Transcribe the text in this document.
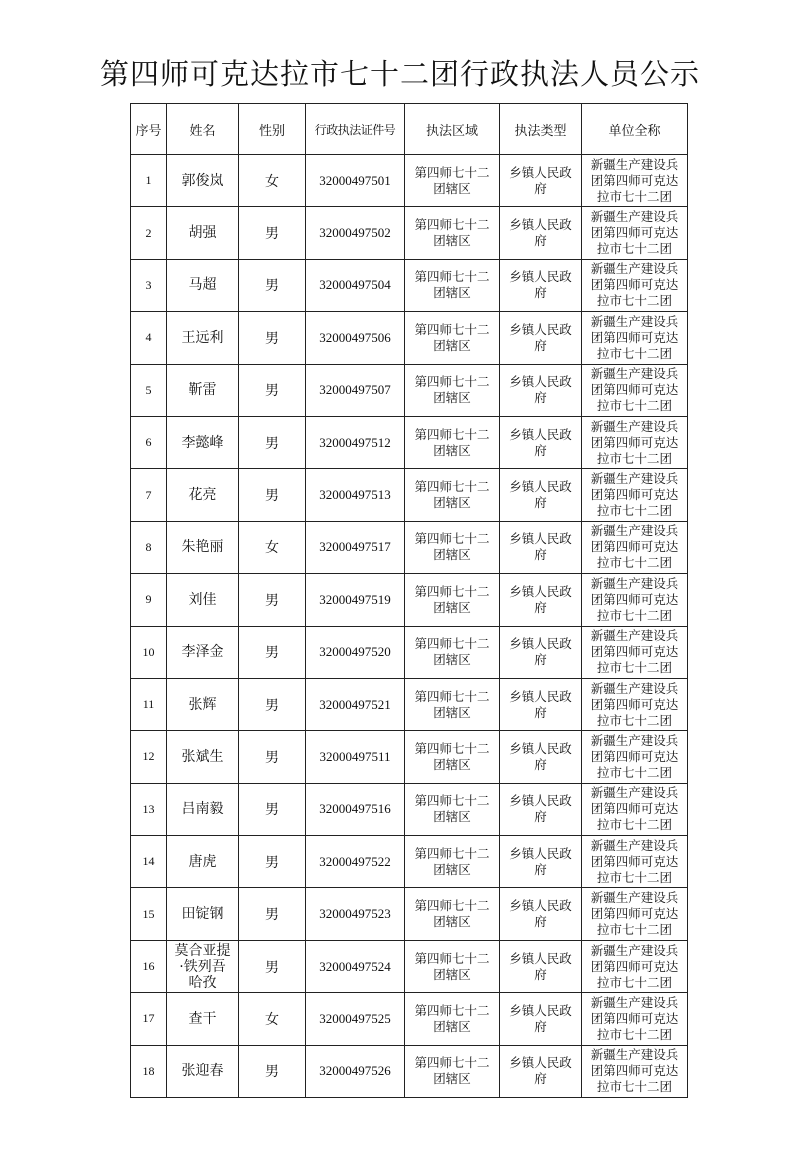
第四师可克达拉市七十二团行政执法人员公示
序号	姓名	性别	行政执法证件号	执法区域	执法类型	单位全称
1	郭俊岚	女	32000497501	第四师七十二团辖区	乡镇人民政府	新疆生产建设兵团第四师可克达拉市七十二团
2	胡强	男	32000497502	第四师七十二团辖区	乡镇人民政府	新疆生产建设兵团第四师可克达拉市七十二团
3	马超	男	32000497504	第四师七十二团辖区	乡镇人民政府	新疆生产建设兵团第四师可克达拉市七十二团
4	王远利	男	32000497506	第四师七十二团辖区	乡镇人民政府	新疆生产建设兵团第四师可克达拉市七十二团
5	靳雷	男	32000497507	第四师七十二团辖区	乡镇人民政府	新疆生产建设兵团第四师可克达拉市七十二团
6	李懿峰	男	32000497512	第四师七十二团辖区	乡镇人民政府	新疆生产建设兵团第四师可克达拉市七十二团
7	花亮	男	32000497513	第四师七十二团辖区	乡镇人民政府	新疆生产建设兵团第四师可克达拉市七十二团
8	朱艳丽	女	32000497517	第四师七十二团辖区	乡镇人民政府	新疆生产建设兵团第四师可克达拉市七十二团
9	刘佳	男	32000497519	第四师七十二团辖区	乡镇人民政府	新疆生产建设兵团第四师可克达拉市七十二团
10	李泽金	男	32000497520	第四师七十二团辖区	乡镇人民政府	新疆生产建设兵团第四师可克达拉市七十二团
11	张辉	男	32000497521	第四师七十二团辖区	乡镇人民政府	新疆生产建设兵团第四师可克达拉市七十二团
12	张斌生	男	32000497511	第四师七十二团辖区	乡镇人民政府	新疆生产建设兵团第四师可克达拉市七十二团
13	吕南毅	男	32000497516	第四师七十二团辖区	乡镇人民政府	新疆生产建设兵团第四师可克达拉市七十二团
14	唐虎	男	32000497522	第四师七十二团辖区	乡镇人民政府	新疆生产建设兵团第四师可克达拉市七十二团
15	田锭钢	男	32000497523	第四师七十二团辖区	乡镇人民政府	新疆生产建设兵团第四师可克达拉市七十二团
16	莫合亚提·铁列吾哈孜	男	32000497524	第四师七十二团辖区	乡镇人民政府	新疆生产建设兵团第四师可克达拉市七十二团
17	查干	女	32000497525	第四师七十二团辖区	乡镇人民政府	新疆生产建设兵团第四师可克达拉市七十二团
18	张迎春	男	32000497526	第四师七十二团辖区	乡镇人民政府	新疆生产建设兵团第四师可克达拉市七十二团
